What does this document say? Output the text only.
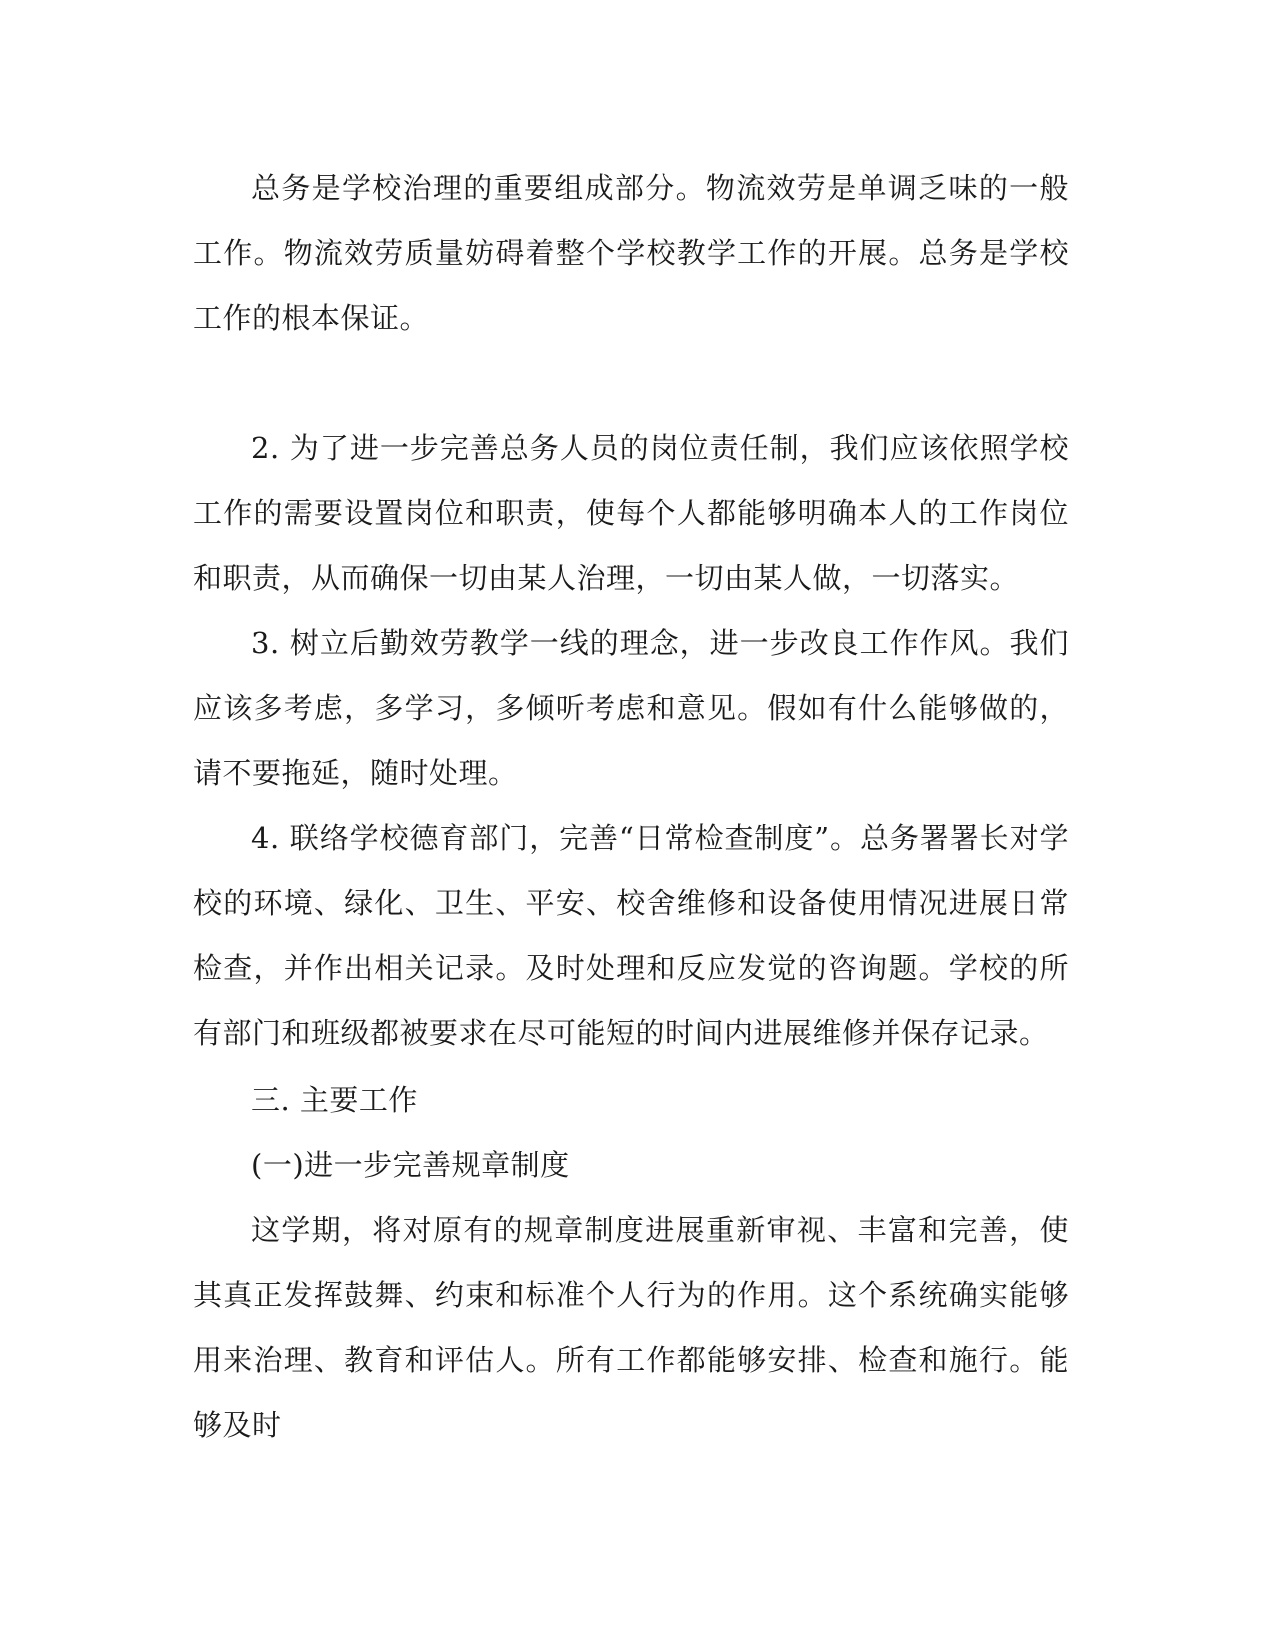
总务是学校治理的重要组成部分。物流效劳是单调乏味的一般工作。物流效劳质量妨碍着整个学校教学工作的开展。总务是学校工作的根本保证。

2. 为了进一步完善总务人员的岗位责任制，我们应该依照学校工作的需要设置岗位和职责，使每个人都能够明确本人的工作岗位和职责，从而确保一切由某人治理，一切由某人做，一切落实。

3. 树立后勤效劳教学一线的理念，进一步改良工作作风。我们应该多考虑，多学习，多倾听考虑和意见。假如有什么能够做的，请不要拖延，随时处理。

4. 联络学校德育部门，完善“日常检查制度”。总务署署长对学校的环境、绿化、卫生、平安、校舍维修和设备使用情况进展日常检查，并作出相关记录。及时处理和反应发觉的咨询题。学校的所有部门和班级都被要求在尽可能短的时间内进展维修并保存记录。

三. 主要工作

(一)进一步完善规章制度

这学期，将对原有的规章制度进展重新审视、丰富和完善，使其真正发挥鼓舞、约束和标准个人行为的作用。这个系统确实能够用来治理、教育和评估人。所有工作都能够安排、检查和施行。能够及时
